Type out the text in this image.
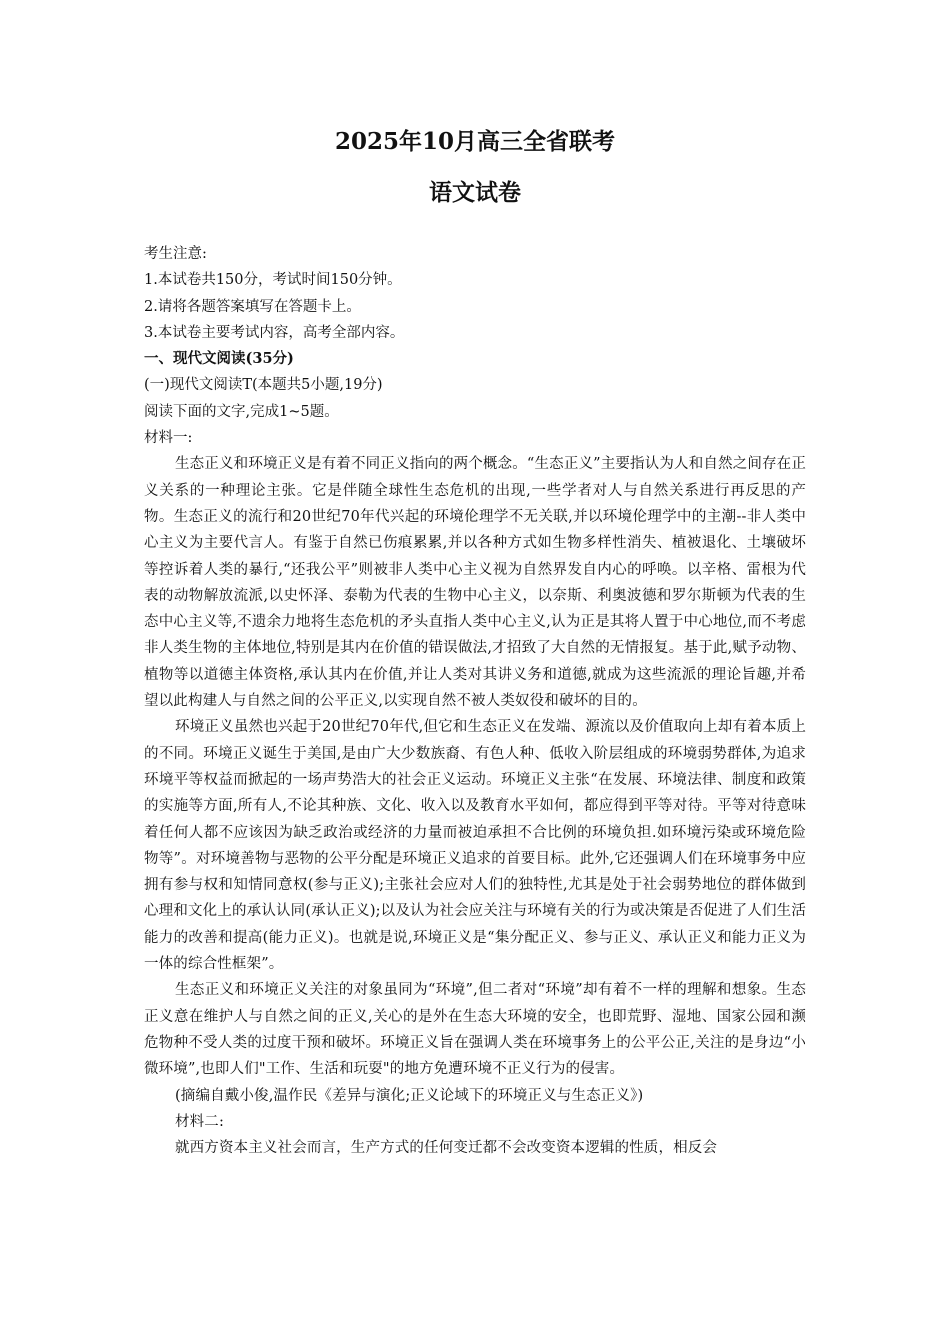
2025年10月高三全省联考
语文试卷

考生注意:

1.本试卷共150分，考试时间150分钟。

2.请将各题答案填写在答题卡上。

3.本试卷主要考试内容，高考全部内容。

一、现代文阅读(35分)

(一)现代文阅读T(本题共5小题,19分)

阅读下面的文字,完成1~5题。

材料一:

生态正义和环境正义是有着不同正义指向的两个概念。“生态正义”主要指认为人和自然之间存在正义关系的一种理论主张。它是伴随全球性生态危机的出现,一些学者对人与自然关系进行再反思的产物。生态正义的流行和20世纪70年代兴起的环境伦理学不无关联,并以环境伦理学中的主潮--非人类中心主义为主要代言人。有鉴于自然已伤痕累累,并以各种方式如生物多样性消失、植被退化、土壤破坏等控诉着人类的暴行,“还我公平”则被非人类中心主义视为自然界发自内心的呼唤。以辛格、雷根为代表的动物解放流派,以史怀泽、泰勒为代表的生物中心主义，以奈斯、利奥波德和罗尔斯顿为代表的生态中心主义等,不遗余力地将生态危机的矛头直指人类中心主义,认为正是其将人置于中心地位,而不考虑非人类生物的主体地位,特别是其内在价值的错误做法,才招致了大自然的无情报复。基于此,赋予动物、植物等以道德主体资格,承认其内在价值,并让人类对其讲义务和道德,就成为这些流派的理论旨趣,并希望以此构建人与自然之间的公平正义,以实现自然不被人类奴役和破坏的目的。

环境正义虽然也兴起于20世纪70年代,但它和生态正义在发端、源流以及价值取向上却有着本质上的不同。环境正义诞生于美国,是由广大少数族裔、有色人种、低收入阶层组成的环境弱势群体,为追求环境平等权益而掀起的一场声势浩大的社会正义运动。环境正义主张“在发展、环境法律、制度和政策的实施等方面,所有人,不论其种族、文化、收入以及教育水平如何，都应得到平等对待。平等对待意味着任何人都不应该因为缺乏政治或经济的力量而被迫承担不合比例的环境负担.如环境污染或环境危险物等”。对环境善物与恶物的公平分配是环境正义追求的首要目标。此外,它还强调人们在环境事务中应拥有参与权和知情同意权(参与正义);主张社会应对人们的独特性,尤其是处于社会弱势地位的群体做到心理和文化上的承认认同(承认正义);以及认为社会应关注与环境有关的行为或决策是否促进了人们生活能力的改善和提高(能力正义)。也就是说,环境正义是“集分配正义、参与正义、承认正义和能力正义为一体的综合性框架”。

生态正义和环境正义关注的对象虽同为“环境”,但二者对“环境”却有着不一样的理解和想象。生态正义意在维护人与自然之间的正义,关心的是外在生态大环境的安全，也即荒野、湿地、国家公园和濒危物种不受人类的过度干预和破坏。环境正义旨在强调人类在环境事务上的公平公正,关注的是身边“小微环境”,也即人们"工作、生活和玩耍"的地方免遭环境不正义行为的侵害。

(摘编自戴小俊,温作民《差异与演化;正义论域下的环境正义与生态正义》)

材料二:

就西方资本主义社会而言，生产方式的任何变迁都不会改变资本逻辑的性质，相反会
